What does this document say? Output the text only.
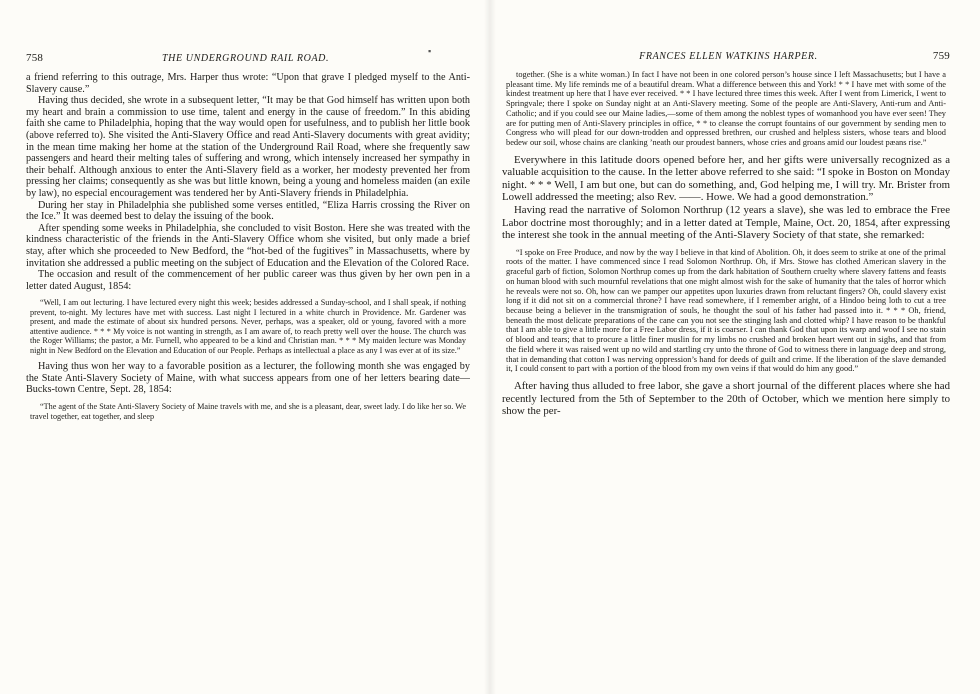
▪
758	THE UNDERGROUND RAIL ROAD.

a friend referring to this outrage, Mrs. Harper thus wrote: “Upon that grave I pledged myself to the Anti-Slavery cause.”

Having thus decided, she wrote in a subsequent letter, “It may be that God himself has written upon both my heart and brain a commission to use time, talent and energy in the cause of freedom.” In this abiding faith she came to Philadelphia, hoping that the way would open for usefulness, and to publish her little book (above referred to). She visited the Anti-Slavery Office and read Anti-Slavery documents with great avidity; in the mean time making her home at the station of the Underground Rail Road, where she frequently saw passengers and heard their melting tales of suffering and wrong, which intensely increased her sympathy in their behalf. Although anxious to enter the Anti-Slavery field as a worker, her modesty prevented her from pressing her claims; consequently as she was but little known, being a young and homeless maiden (an exile by law), no especial encouragement was tendered her by Anti-Slavery friends in Philadelphia.

During her stay in Philadelphia she published some verses entitled, “Eliza Harris crossing the River on the Ice.” It was deemed best to delay the issuing of the book.

After spending some weeks in Philadelphia, she concluded to visit Boston. Here she was treated with the kindness characteristic of the friends in the Anti-Slavery Office whom she visited, but only made a brief stay, after which she proceeded to New Bedford, the “hot-bed of the fugitives” in Massachusetts, where by invitation she addressed a public meeting on the subject of Education and the Elevation of the Colored Race.

The occasion and result of the commencement of her public career was thus given by her own pen in a letter dated August, 1854:

“Well, I am out lecturing. I have lectured every night this week; besides addressed a Sunday-school, and I shall speak, if nothing prevent, to-night. My lectures have met with success. Last night I lectured in a white church in Providence. Mr. Gardener was present, and made the estimate of about six hundred persons. Never, perhaps, was a speaker, old or young, favored with a more attentive audience. * * * My voice is not wanting in strength, as I am aware of, to reach pretty well over the house. The church was the Roger Williams; the pastor, a Mr. Furnell, who appeared to be a kind and Christian man. * * * My maiden lecture was Monday night in New Bedford on the Elevation and Education of our People. Perhaps as intellectual a place as any I was ever at of its size.”

Having thus won her way to a favorable position as a lecturer, the following month she was engaged by the State Anti-Slavery Society of Maine, with what success appears from one of her letters bearing date—Bucks-town Centre, Sept. 28, 1854:

“The agent of the State Anti-Slavery Society of Maine travels with me, and she is a pleasant, dear, sweet lady. I do like her so. We travel together, eat together, and sleep

FRANCES ELLEN WATKINS HARPER.	759

together. (She is a white woman.) In fact I have not been in one colored person’s house since I left Massachusetts; but I have a pleasant time. My life reminds me of a beautiful dream. What a difference between this and York! * * I have met with some of the kindest treatment up here that I have ever received. * * I have lectured three times this week. After I went from Limerick, I went to Springvale; there I spoke on Sunday night at an Anti-Slavery meeting. Some of the people are Anti-Slavery, Anti-rum and Anti-Catholic; and if you could see our Maine ladies,—some of them among the noblest types of womanhood you have ever seen! They are for putting men of Anti-Slavery principles in office, * * to cleanse the corrupt fountains of our government by sending men to Congress who will plead for our down-trodden and oppressed brethren, our crushed and helpless sisters, whose tears and blood bedew our soil, whose chains are clanking ’neath our proudest banners, whose cries and groans amid our loudest pæans rise.”

Everywhere in this latitude doors opened before her, and her gifts were universally recognized as a valuable acquisition to the cause. In the letter above referred to she said: “I spoke in Boston on Monday night. * * * Well, I am but one, but can do something, and, God helping me, I will try. Mr. Brister from Lowell addressed the meeting; also Rev. ——. Howe. We had a good demonstration.”

Having read the narrative of Solomon Northrup (12 years a slave), she was led to embrace the Free Labor doctrine most thoroughly; and in a letter dated at Temple, Maine, Oct. 20, 1854, after expressing the interest she took in the annual meeting of the Anti-Slavery Society of that state, she remarked:

“I spoke on Free Produce, and now by the way I believe in that kind of Abolition. Oh, it does seem to strike at one of the primal roots of the matter. I have commenced since I read Solomon Northrup. Oh, if Mrs. Stowe has clothed American slavery in the graceful garb of fiction, Solomon Northrup comes up from the dark habitation of Southern cruelty where slavery fattens and feasts on human blood with such mournful revelations that one might almost wish for the sake of humanity that the tales of horror which he reveals were not so. Oh, how can we pamper our appetites upon luxuries drawn from reluctant fingers? Oh, could slavery exist long if it did not sit on a commercial throne? I have read somewhere, if I remember aright, of a Hindoo being loth to cut a tree because being a believer in the transmigration of souls, he thought the soul of his father had passed into it. * * * Oh, friend, beneath the most delicate preparations of the cane can you not see the stinging lash and clotted whip? I have reason to be thankful that I am able to give a little more for a Free Labor dress, if it is coarser. I can thank God that upon its warp and woof I see no stain of blood and tears; that to procure a little finer muslin for my limbs no crushed and broken heart went out in sighs, and that from the field where it was raised went up no wild and startling cry unto the throne of God to witness there in language deep and strong, that in demanding that cotton I was nerving oppression’s hand for deeds of guilt and crime. If the liberation of the slave demanded it, I could consent to part with a portion of the blood from my own veins if that would do him any good.”

After having thus alluded to free labor, she gave a short journal of the different places where she had recently lectured from the 5th of September to the 20th of October, which we mention here simply to show the per-
